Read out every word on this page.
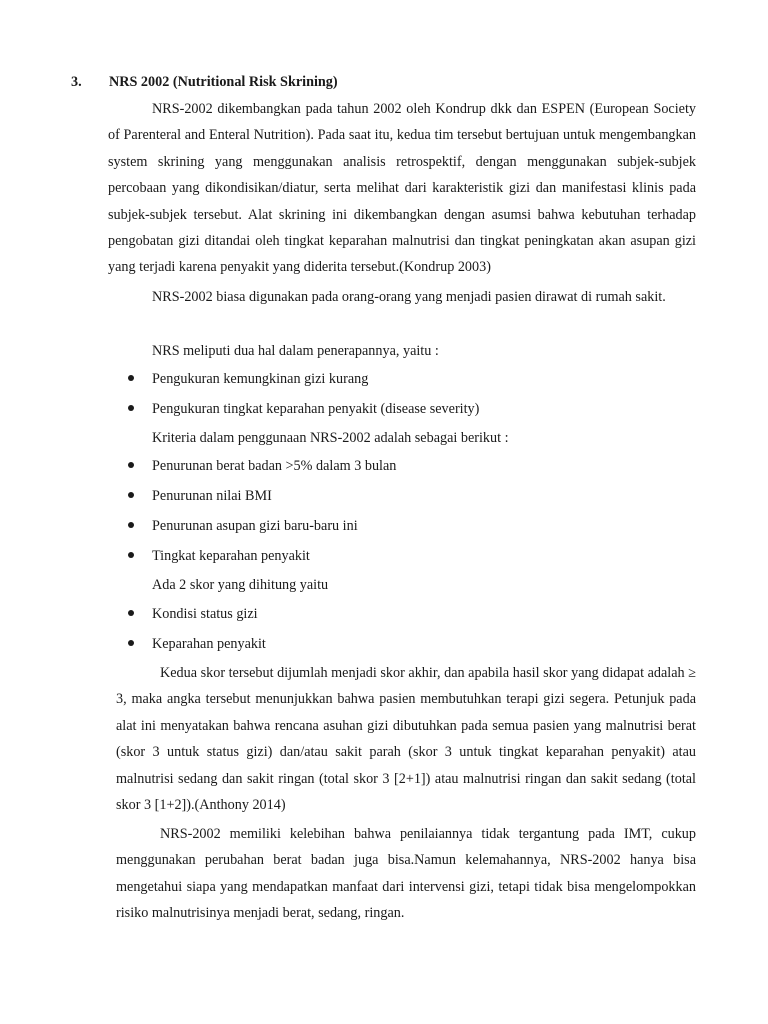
3. NRS 2002 (Nutritional Risk Skrining)

NRS-2002 dikembangkan pada tahun 2002 oleh Kondrup dkk dan ESPEN (European Society of Parenteral and Enteral Nutrition). Pada saat itu, kedua tim tersebut bertujuan untuk mengembangkan system skrining yang menggunakan analisis retrospektif, dengan menggunakan subjek-subjek percobaan yang dikondisikan/diatur, serta melihat dari karakteristik gizi dan manifestasi klinis pada subjek-subjek tersebut. Alat skrining ini dikembangkan dengan asumsi bahwa kebutuhan terhadap pengobatan gizi ditandai oleh tingkat keparahan malnutrisi dan tingkat peningkatan akan asupan gizi yang terjadi karena penyakit yang diderita tersebut.(Kondrup 2003)

NRS-2002 biasa digunakan pada orang-orang yang menjadi pasien dirawat di rumah sakit.

NRS meliputi dua hal dalam penerapannya, yaitu :

Pengukuran kemungkinan gizi kurang
Pengukuran tingkat keparahan penyakit (disease severity)

Kriteria dalam penggunaan NRS-2002 adalah sebagai berikut :

Penurunan berat badan >5% dalam 3 bulan
Penurunan nilai BMI
Penurunan asupan gizi baru-baru ini
Tingkat keparahan penyakit

Ada 2 skor yang dihitung yaitu

Kondisi status gizi
Keparahan penyakit

Kedua skor tersebut dijumlah menjadi skor akhir, dan apabila hasil skor yang didapat adalah ≥ 3, maka angka tersebut menunjukkan bahwa pasien membutuhkan terapi gizi segera. Petunjuk pada alat ini menyatakan bahwa rencana asuhan gizi dibutuhkan pada semua pasien yang malnutrisi berat (skor 3 untuk status gizi) dan/atau sakit parah (skor 3 untuk tingkat keparahan penyakit) atau malnutrisi sedang dan sakit ringan (total skor 3 [2+1]) atau malnutrisi ringan dan sakit sedang (total skor 3 [1+2]).(Anthony 2014)

NRS-2002 memiliki kelebihan bahwa penilaiannya tidak tergantung pada IMT, cukup menggunakan perubahan berat badan juga bisa.Namun kelemahannya, NRS-2002 hanya bisa mengetahui siapa yang mendapatkan manfaat dari intervensi gizi, tetapi tidak bisa mengelompokkan risiko malnutrisinya menjadi berat, sedang, ringan.
